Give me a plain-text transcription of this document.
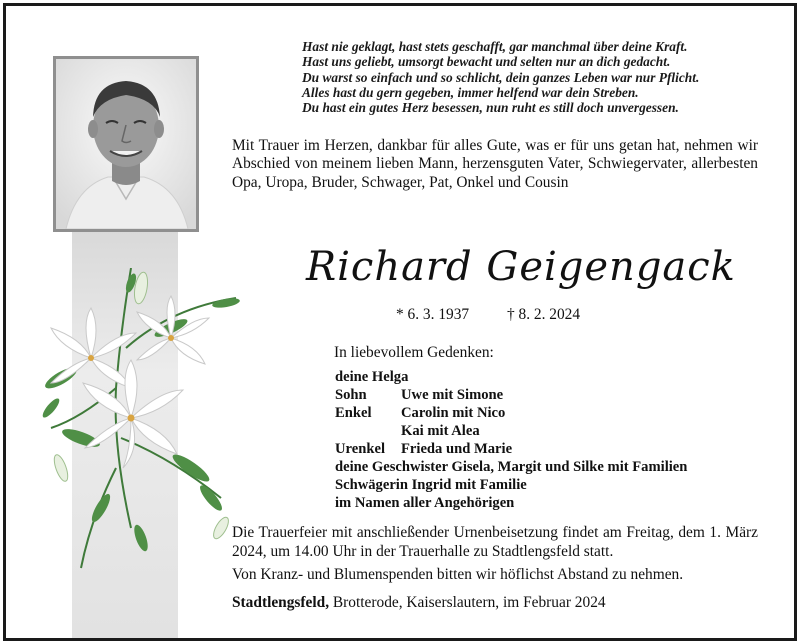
Hast nie geklagt, hast stets geschafft, gar manchmal über deine Kraft.
Hast uns geliebt, umsorgt bewacht und selten nur an dich gedacht.
Du warst so einfach und so schlicht, dein ganzes Leben war nur Pflicht.
Alles hast du gern gegeben, immer helfend war dein Streben.
Du hast ein gutes Herz besessen, nun ruht es still doch unvergessen.
Mit Trauer im Herzen, dankbar für alles Gute, was er für uns getan hat, nehmen wir Abschied von meinem lieben Mann, herzensguten Vater, Schwiegervater, allerbesten Opa, Uropa, Bruder, Schwager, Pat, Onkel und Cousin
Richard Geigengack
* 6. 3. 1937 † 8. 2. 2024
In liebevollem Gedenken:
deine Helga
Sohn Uwe mit Simone
Enkel Carolin mit Nico
Kai mit Alea
Urenkel Frieda und Marie
deine Geschwister Gisela, Margit und Silke mit Familien
Schwägerin Ingrid mit Familie
im Namen aller Angehörigen
Die Trauerfeier mit anschließender Urnenbeisetzung findet am Freitag, dem 1. März 2024, um 14.00 Uhr in der Trauerhalle zu Stadtlengsfeld statt.
Von Kranz- und Blumenspenden bitten wir höflichst Abstand zu nehmen.
Stadtlengsfeld, Brotterode, Kaiserslautern, im Februar 2024
